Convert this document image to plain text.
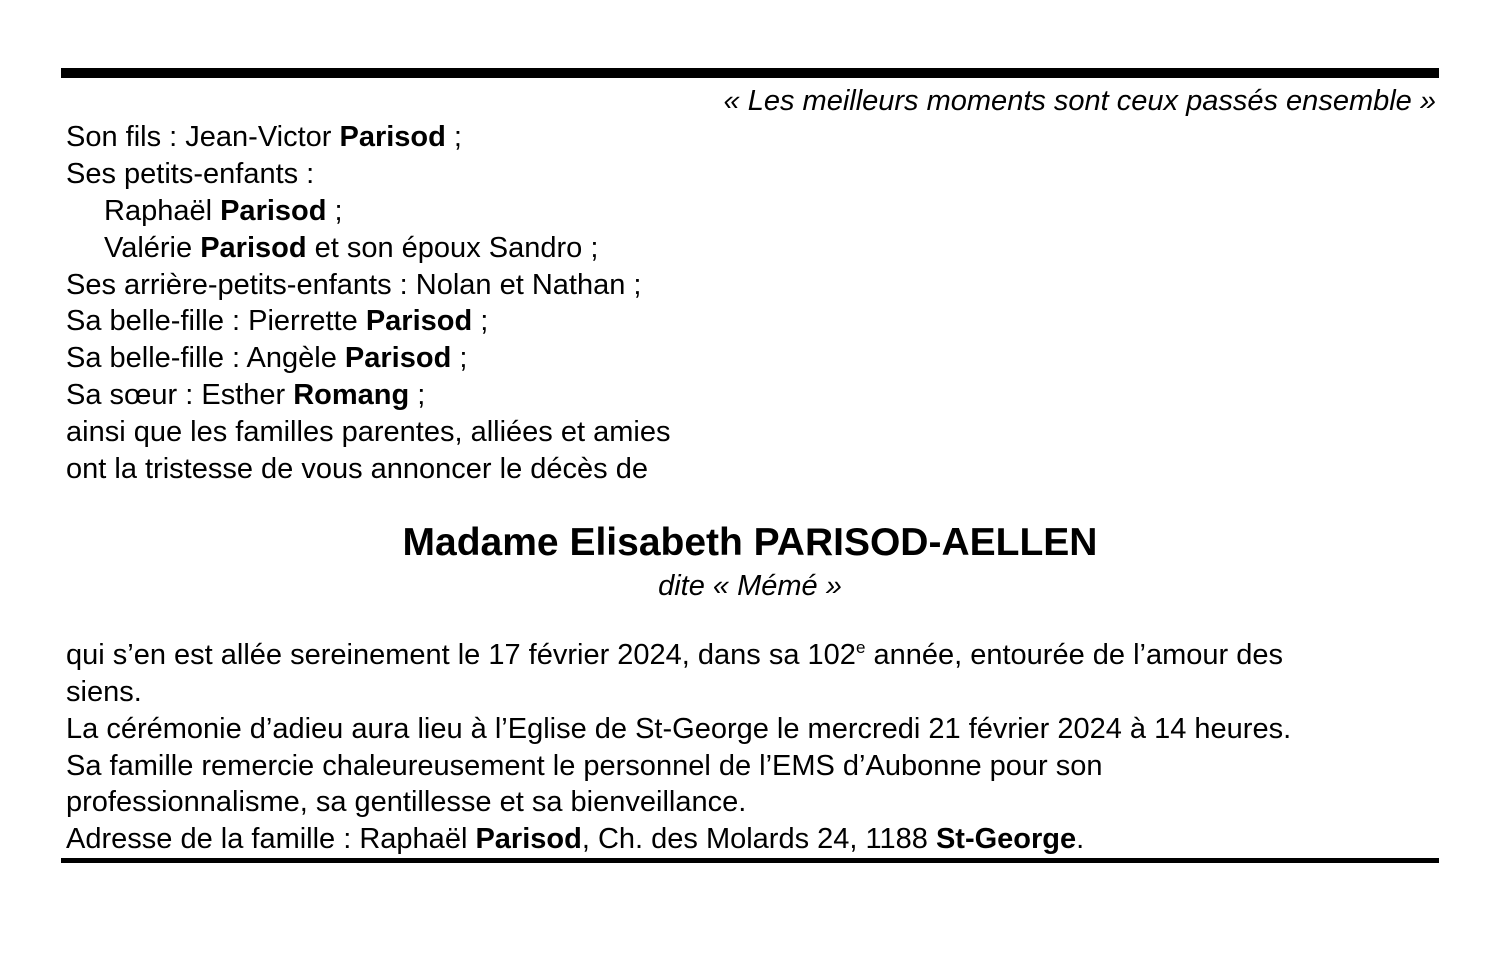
« Les meilleurs moments sont ceux passés ensemble »
Son fils : Jean-Victor Parisod ;
Ses petits-enfants :
Raphaël Parisod ;
Valérie Parisod et son époux Sandro ;
Ses arrière-petits-enfants : Nolan et Nathan ;
Sa belle-fille : Pierrette Parisod ;
Sa belle-fille : Angèle Parisod ;
Sa sœur : Esther Romang ;
ainsi que les familles parentes, alliées et amies
ont la tristesse de vous annoncer le décès de
Madame Elisabeth PARISOD-AELLEN
dite « Mémé »
qui s’en est allée sereinement le 17 février 2024, dans sa 102e année, entourée de l’amour des
siens.
La cérémonie d’adieu aura lieu à l’Eglise de St-George le mercredi 21 février 2024 à 14 heures.
Sa famille remercie chaleureusement le personnel de l’EMS d’Aubonne pour son
professionnalisme, sa gentillesse et sa bienveillance.
Adresse de la famille : Raphaël Parisod, Ch. des Molards 24, 1188 St-George.
